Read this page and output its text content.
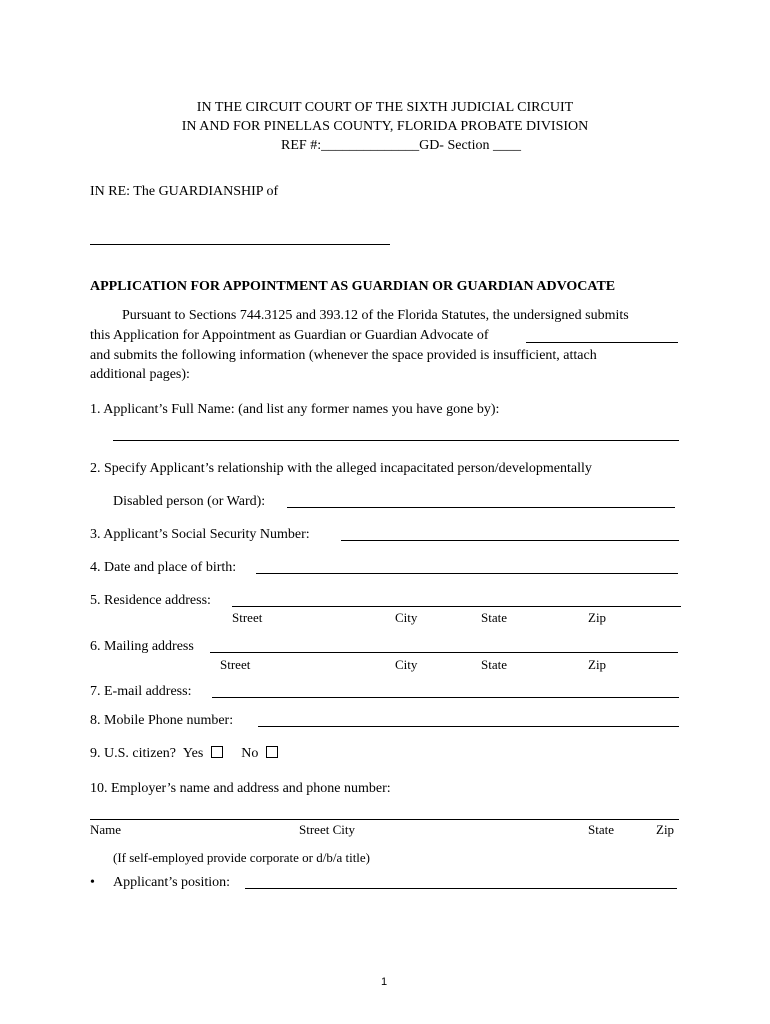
IN THE CIRCUIT COURT OF THE SIXTH JUDICIAL CIRCUIT
IN AND FOR PINELLAS COUNTY, FLORIDA PROBATE DIVISION
REF #:______________GD- Section ____
IN RE: The GUARDIANSHIP of
APPLICATION FOR APPOINTMENT AS GUARDIAN OR GUARDIAN ADVOCATE
Pursuant to Sections 744.3125 and 393.12 of the Florida Statutes, the undersigned submits
this Application for Appointment as Guardian or Guardian Advocate of
and submits the following information (whenever the space provided is insufficient, attach
additional pages):
1. Applicant’s Full Name: (and list any former names you have gone by):
2. Specify Applicant’s relationship with the alleged incapacitated person/developmentally
Disabled person (or Ward):
3. Applicant’s Social Security Number:
4. Date and place of birth:
5. Residence address:
Street	City	State	Zip
6. Mailing address
Street	City	State	Zip
7. E-mail address:
8. Mobile Phone number:
9. U.S. citizen? Yes	No
10. Employer’s name and address and phone number:
Name	Street City	State	Zip
(If self-employed provide corporate or d/b/a title)
• Applicant’s position:
1
